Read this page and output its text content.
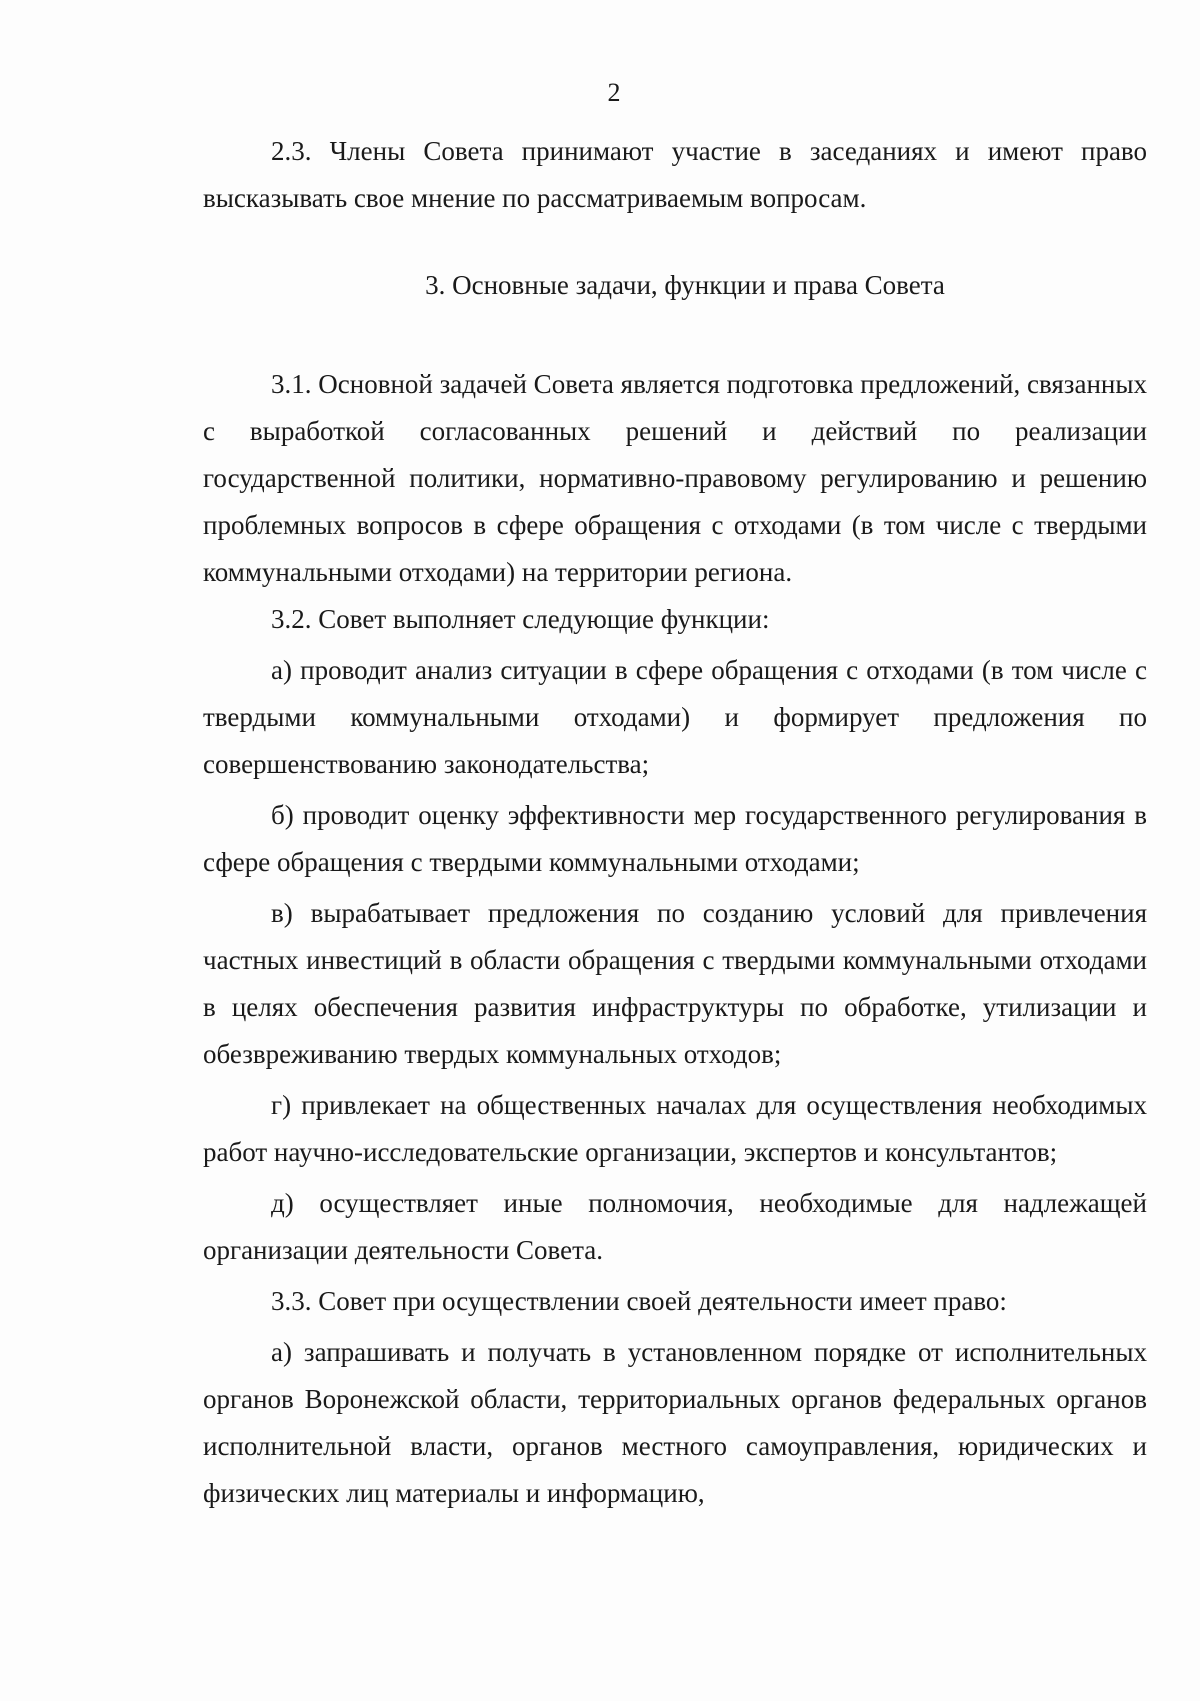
2

2.3. Члены Совета принимают участие в заседаниях и имеют право высказывать свое мнение по рассматриваемым вопросам.

3. Основные задачи, функции и права Совета

3.1. Основной задачей Совета является подготовка предложений, связанных с выработкой согласованных решений и действий по реализации государственной политики, нормативно-правовому регулированию и решению проблемных вопросов в сфере обращения с отходами (в том числе с твердыми коммунальными отходами) на территории региона.

3.2. Совет выполняет следующие функции:

а) проводит анализ ситуации в сфере обращения с отходами (в том числе с твердыми коммунальными отходами) и формирует предложения по совершенствованию законодательства;

б) проводит оценку эффективности мер государственного регулирования в сфере обращения с твердыми коммунальными отходами;

в) вырабатывает предложения по созданию условий для привлечения частных инвестиций в области обращения с твердыми коммунальными отходами в целях обеспечения развития инфраструктуры по обработке, утилизации и обезвреживанию твердых коммунальных отходов;

г) привлекает на общественных началах для осуществления необходимых работ научно-исследовательские организации, экспертов и консультантов;

д) осуществляет иные полномочия, необходимые для надлежащей организации деятельности Совета.

3.3. Совет при осуществлении своей деятельности имеет право:

а) запрашивать и получать в установленном порядке от исполнительных органов Воронежской области, территориальных органов федеральных органов исполнительной власти, органов местного самоуправления, юридических и физических лиц материалы и информацию,
